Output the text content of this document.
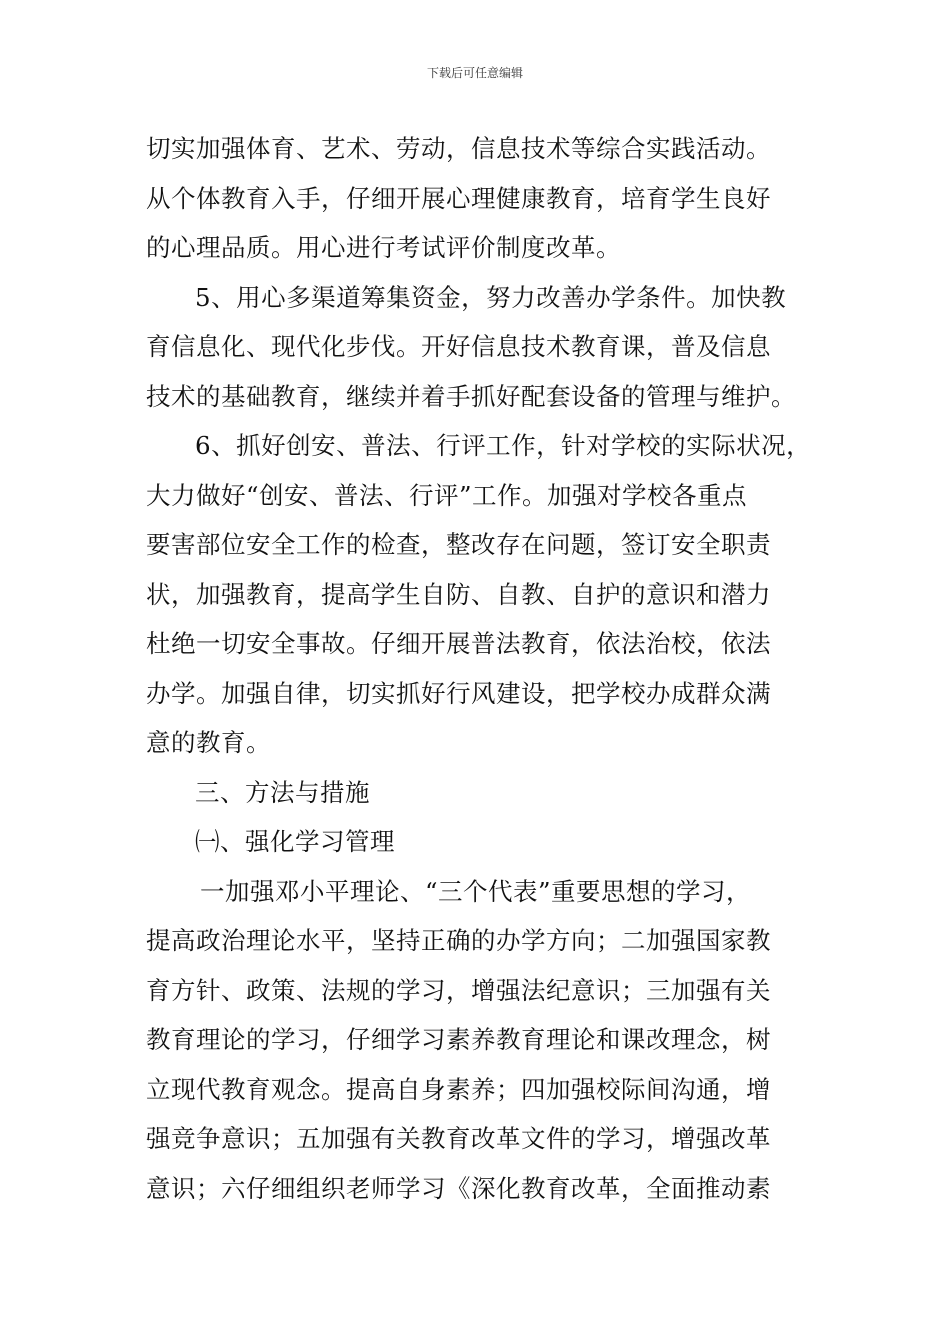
下载后可任意编辑
切实加强体育、艺术、劳动，信息技术等综合实践活动。
从个体教育入手，仔细开展心理健康教育，培育学生良好
的心理品质。用心进行考试评价制度改革。
5、用心多渠道筹集资金，努力改善办学条件。加快教
育信息化、现代化步伐。开好信息技术教育课，普及信息
技术的基础教育，继续并着手抓好配套设备的管理与维护。
6、抓好创安、普法、行评工作，针对学校的实际状况，
大力做好“创安、普法、行评”工作。加强对学校各重点
要害部位安全工作的检查，整改存在问题，签订安全职责
状，加强教育，提高学生自防、自教、自护的意识和潜力
杜绝一切安全事故。仔细开展普法教育，依法治校，依法
办学。加强自律，切实抓好行风建设，把学校办成群众满
意的教育。
三、方法与措施
㈠、强化学习管理
一加强邓小平理论、“三个代表”重要思想的学习，
提高政治理论水平，坚持正确的办学方向；二加强国家教
育方针、政策、法规的学习，增强法纪意识；三加强有关
教育理论的学习，仔细学习素养教育理论和课改理念，树
立现代教育观念。提高自身素养；四加强校际间沟通，增
强竞争意识；五加强有关教育改革文件的学习，增强改革
意识；六仔细组织老师学习《深化教育改革，全面推动素
